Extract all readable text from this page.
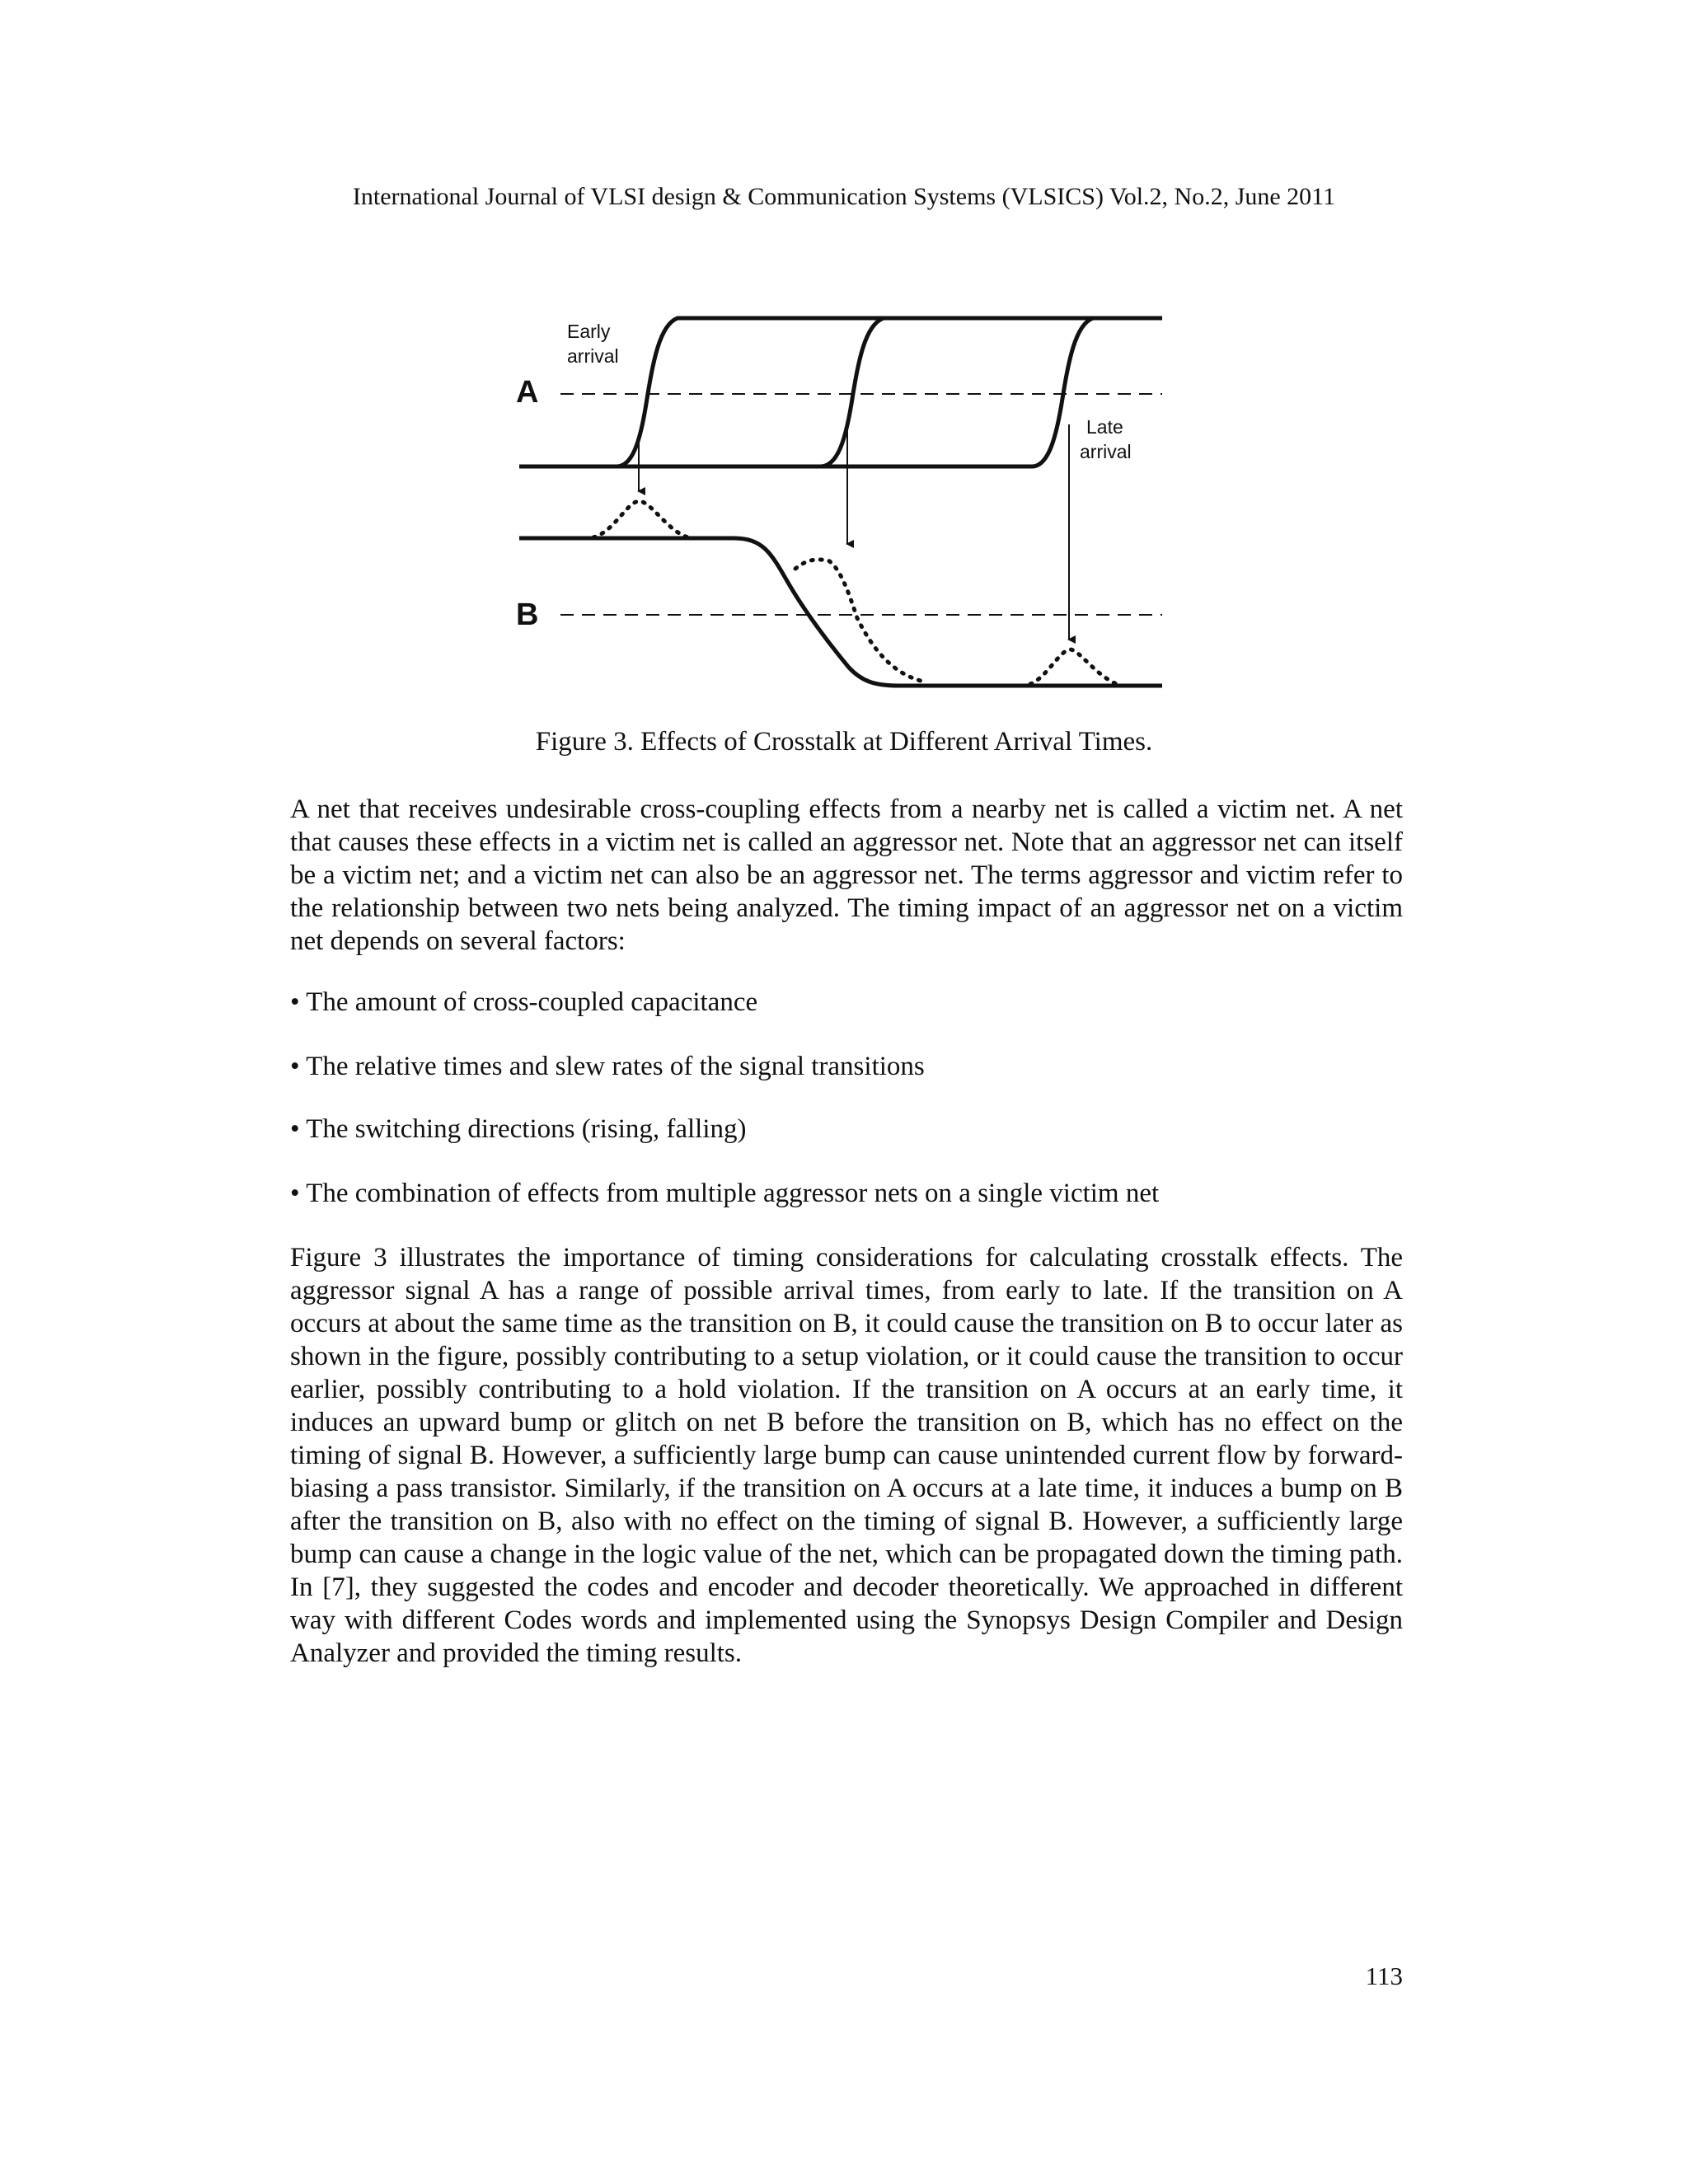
International Journal of VLSI design & Communication Systems (VLSICS) Vol.2, No.2, June 2011
A
B
Early
arrival
Late
arrival
Figure 3. Effects of Crosstalk at Different Arrival Times.

A net that receives undesirable cross-coupling effects from a nearby net is called a victim net. A net that causes these effects in a victim net is called an aggressor net. Note that an aggressor net can itself be a victim net; and a victim net can also be an aggressor net. The terms aggressor and victim refer to the relationship between two nets being analyzed. The timing impact of an aggressor net on a victim net depends on several factors:

• The amount of cross-coupled capacitance

• The relative times and slew rates of the signal transitions

• The switching directions (rising, falling)

• The combination of effects from multiple aggressor nets on a single victim net

Figure 3 illustrates the importance of timing considerations for calculating crosstalk effects. The aggressor signal A has a range of possible arrival times, from early to late. If the transition on A occurs at about the same time as the transition on B, it could cause the transition on B to occur later as shown in the figure, possibly contributing to a setup violation, or it could cause the transition to occur earlier, possibly contributing to a hold violation. If the transition on A occurs at an early time, it induces an upward bump or glitch on net B before the transition on B, which has no effect on the timing of signal B. However, a sufficiently large bump can cause unintended current flow by forward-biasing a pass transistor. Similarly, if the transition on A occurs at a late time, it induces a bump on B after the transition on B, also with no effect on the timing of signal B. However, a sufficiently large bump can cause a change in the logic value of the net, which can be propagated down the timing path. In [7], they suggested the codes and encoder and decoder theoretically. We approached in different way with different Codes words and implemented using the Synopsys Design Compiler and Design Analyzer and provided the timing results.

113
